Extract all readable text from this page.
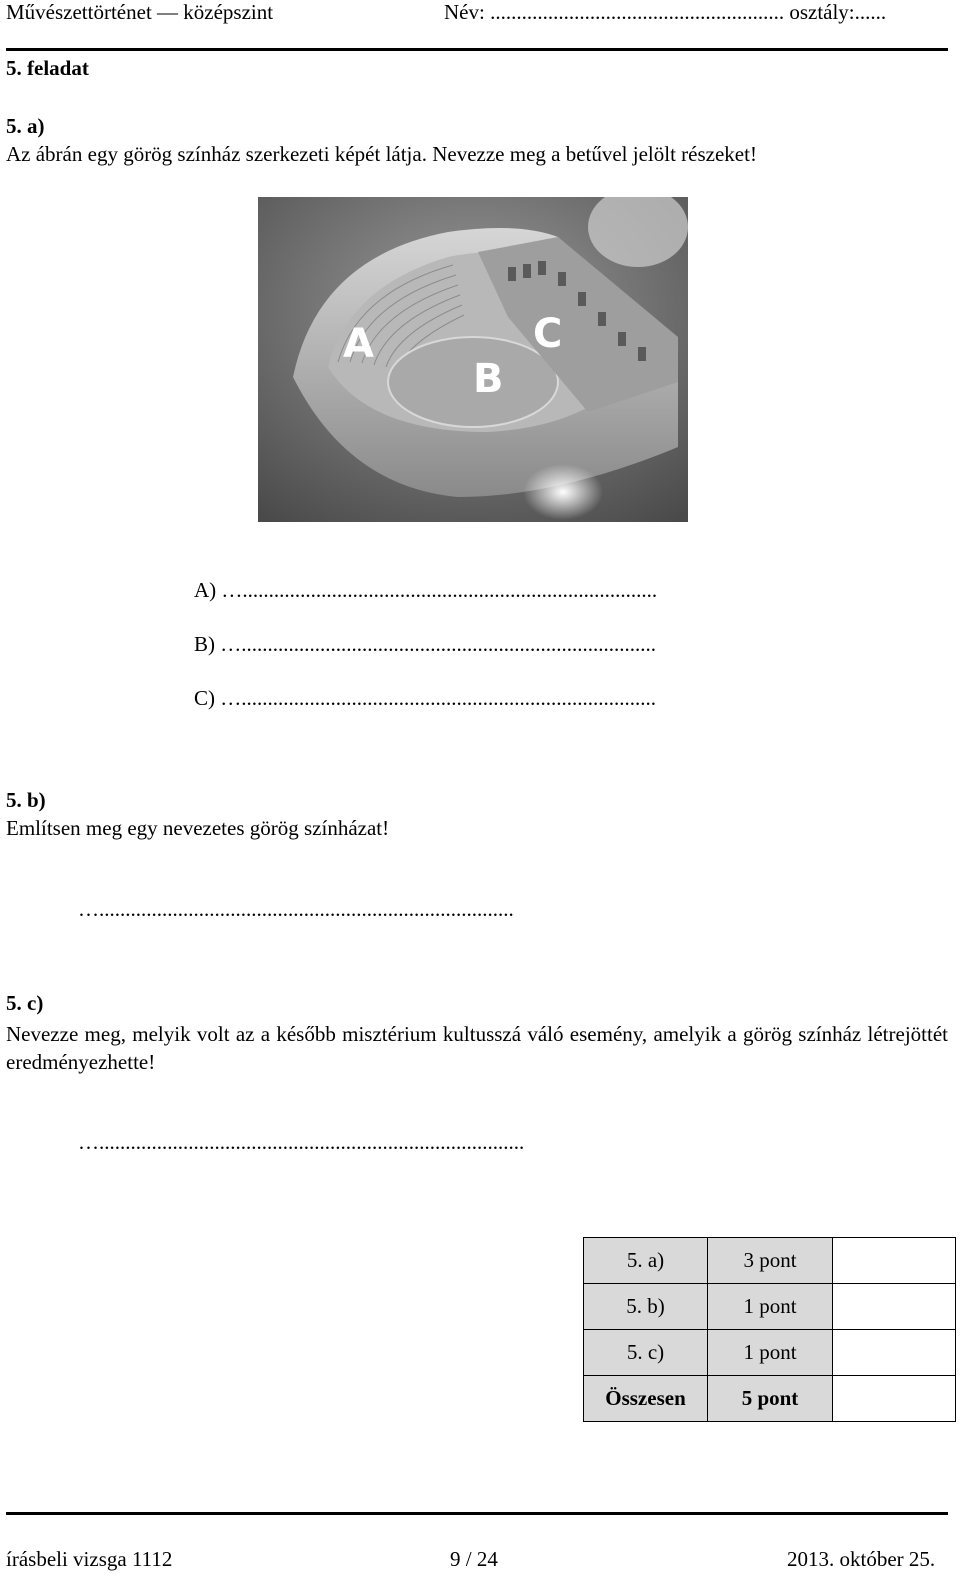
Művészettörténet — középszint	Név: ........................................................ osztály:......
5. feladat
5. a)
Az ábrán egy görög színház szerkezeti képét látja. Nevezze meg a betűvel jelölt részeket!
A
B
C
A) …...............................................................................
B) …...............................................................................
C) …...............................................................................
5. b)
Említsen meg egy nevezetes görög színházat!
…...............................................................................
5. c)
Nevezze meg, melyik volt az a később misztérium kultusszá váló esemény, amelyik a görög színház létrejöttét eredményezhette!
….................................................................................
5. a)	3 pont	
5. b)	1 pont	
5. c)	1 pont	
Összesen	5 pont	
írásbeli vizsga 1112	9 / 24	2013. október 25.
